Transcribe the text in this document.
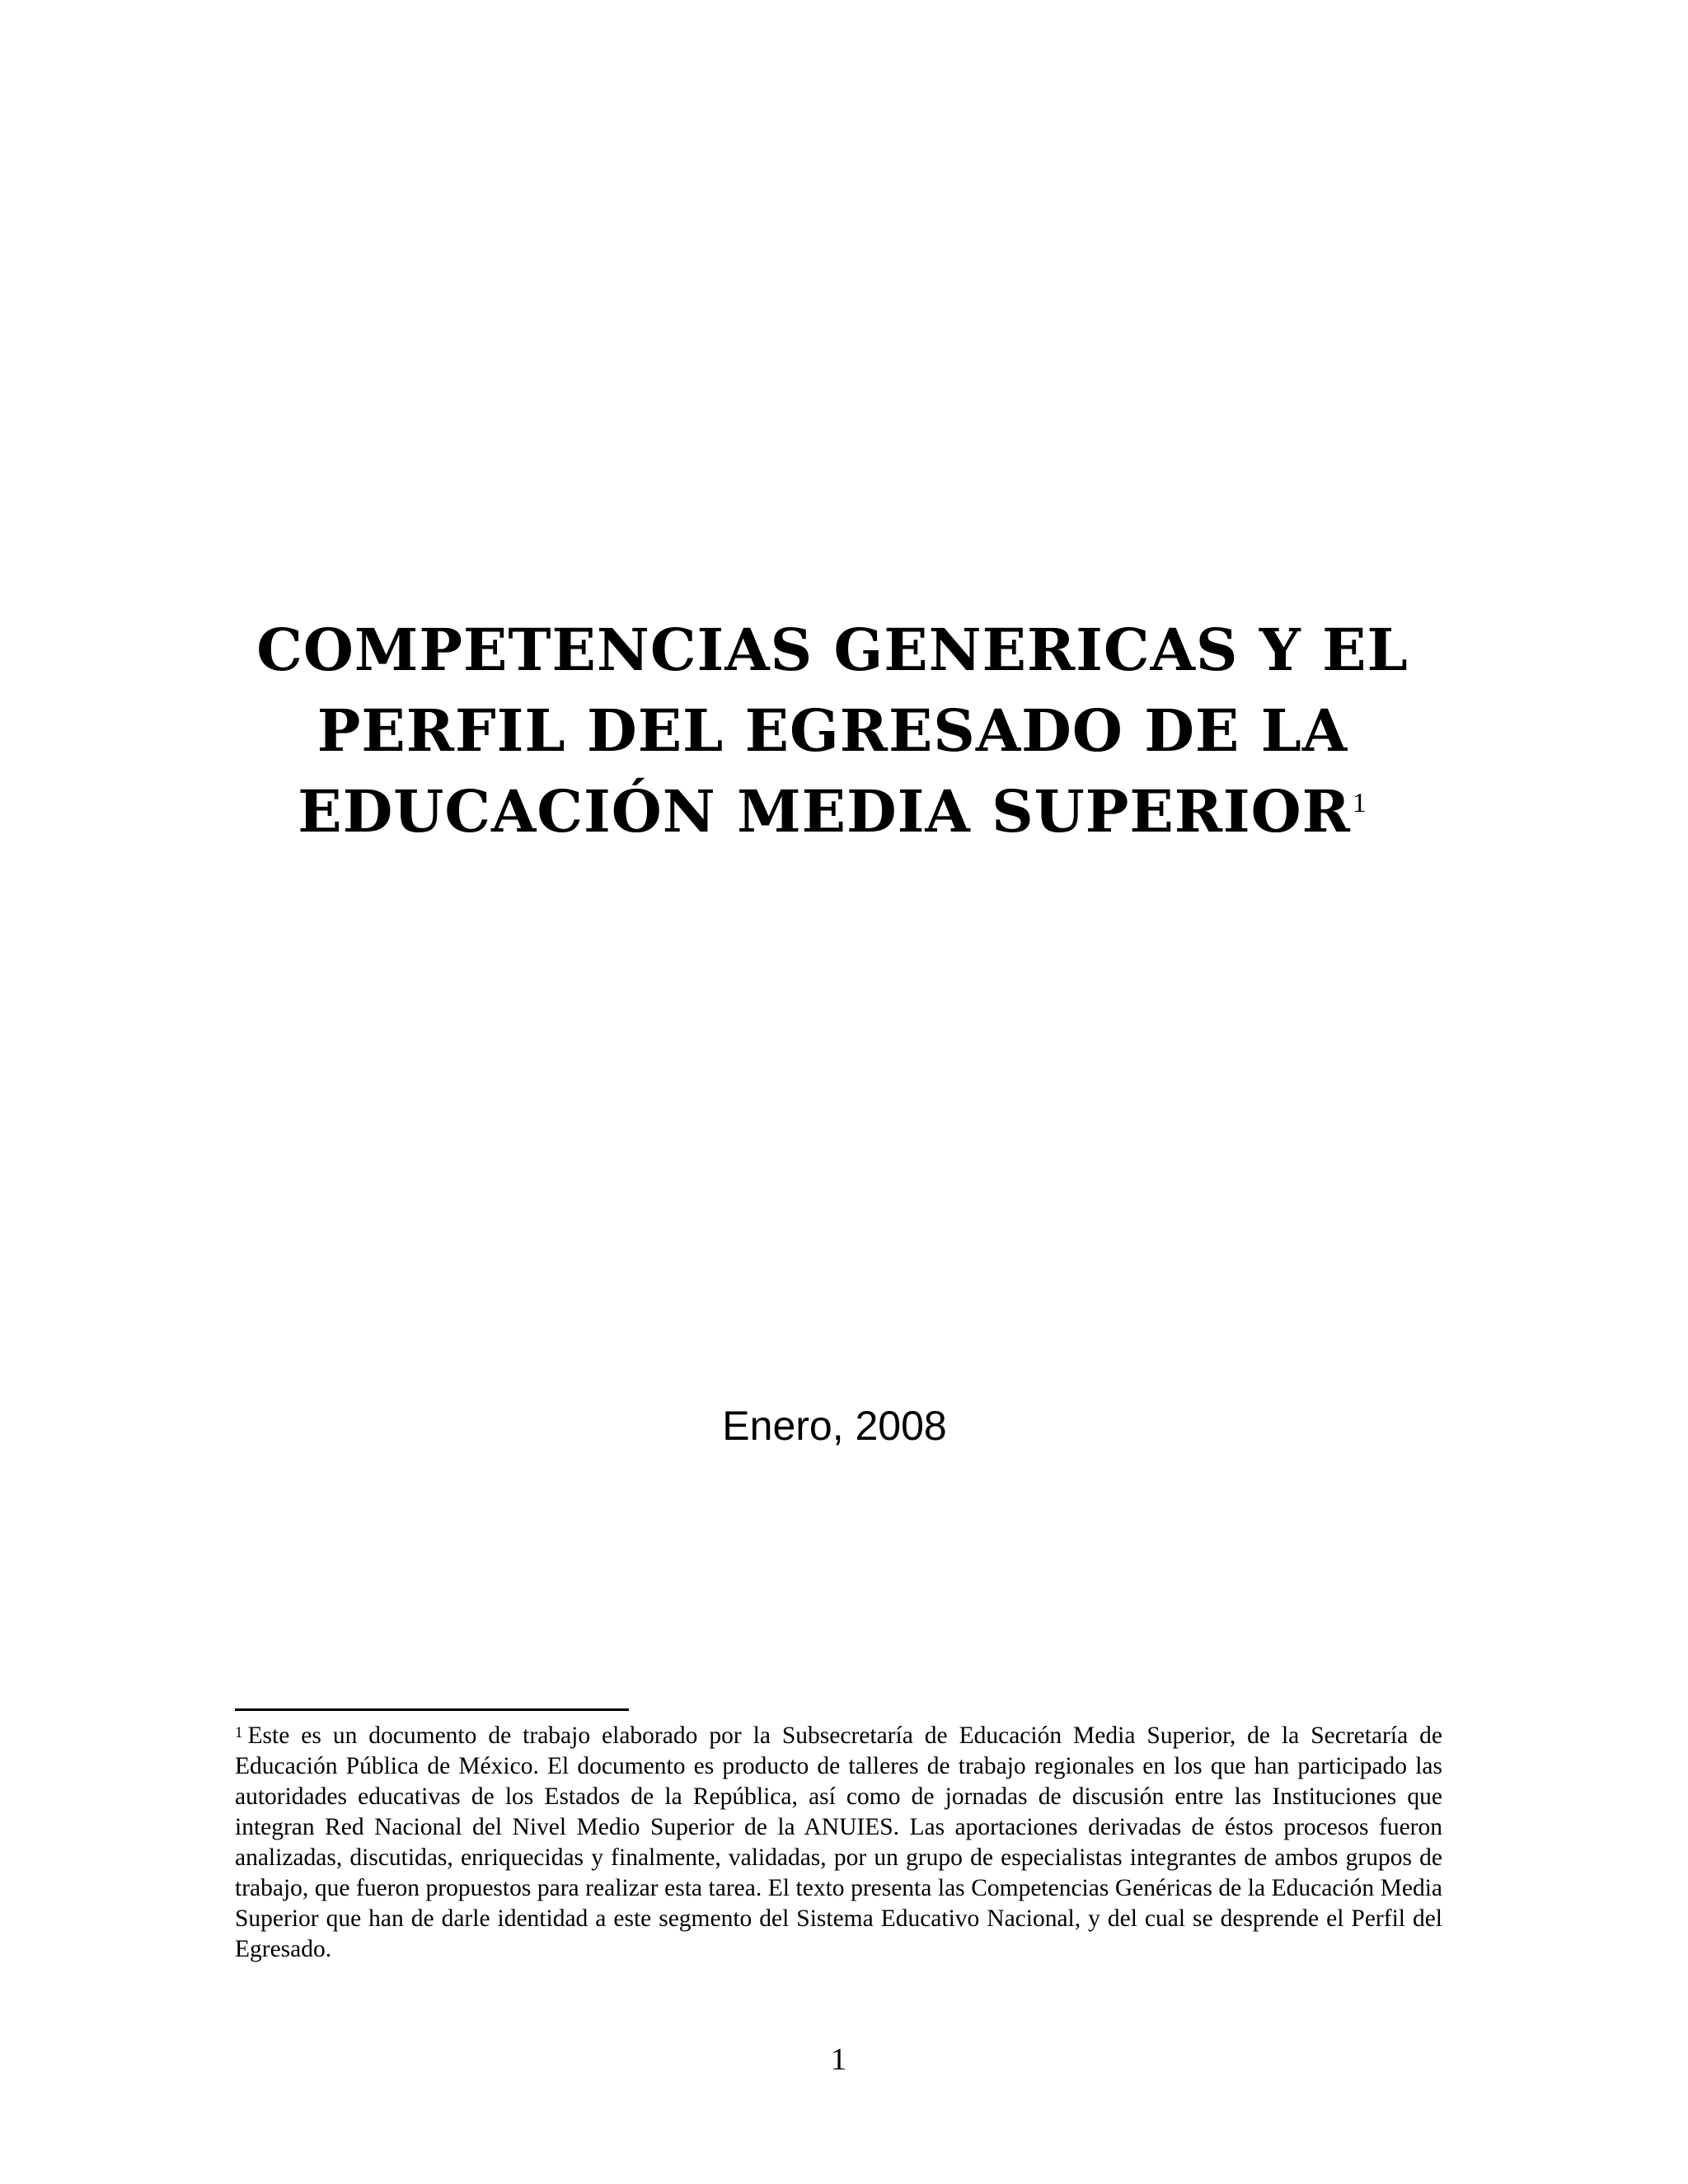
COMPETENCIAS GENERICAS Y EL
PERFIL DEL EGRESADO DE LA
EDUCACIÓN MEDIA SUPERIOR$^1$
Enero, 2008
$^1$ Este es un documento de trabajo elaborado por la Subsecretaría de Educación Media Superior, de la Secretaría de Educación Pública de México. El documento es producto de talleres de trabajo regionales en los que han participado las autoridades educativas de los Estados de la República, así como de jornadas de discusión entre las Instituciones que integran Red Nacional del Nivel Medio Superior de la ANUIES. Las aportaciones derivadas de éstos procesos fueron analizadas, discutidas, enriquecidas y finalmente, validadas, por un grupo de especialistas integrantes de ambos grupos de trabajo, que fueron propuestos para realizar esta tarea. El texto presenta las Competencias Genéricas de la Educación Media Superior que han de darle identidad a este segmento del Sistema Educativo Nacional, y del cual se desprende el Perfil del Egresado.
1
